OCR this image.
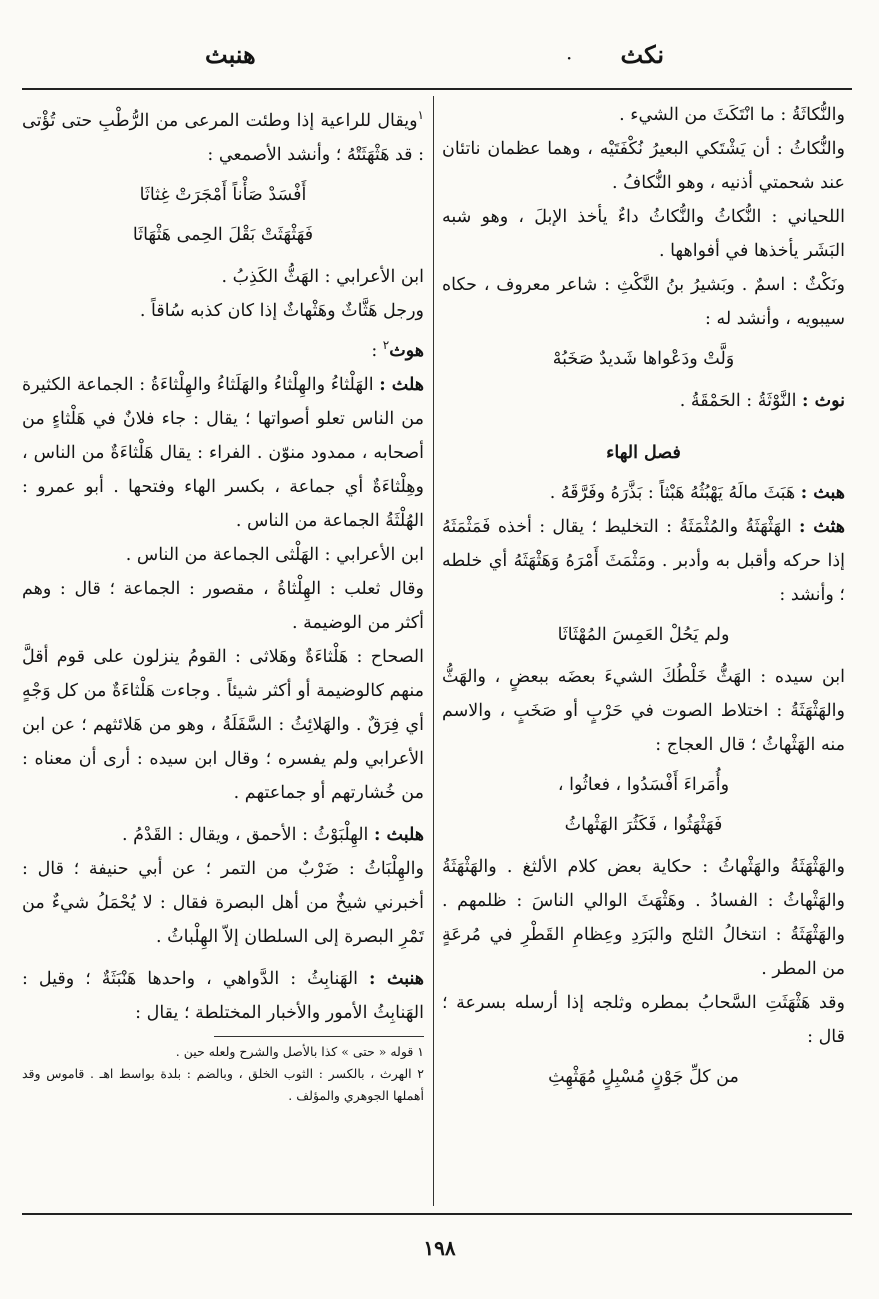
نكث
·
هنبث

والنُّكاثَةُ : ما انْتَكَثَ من الشيء .

والنُّكاثُ : أن يَشْتَكي البعيرُ نُكْفَتَيْه ، وهما عظمان ناتئان عند شحمتي أذنيه ، وهو النُّكافُ .

اللحياني : النُّكاثُ والنُّكاثُ داءٌ يأخذ الإبلَ ، وهو شبه البَشَر يأخذها في أفواهها .

ونَكْثٌ : اسمٌ . وبَشيرُ بنُ النَّكْثِ : شاعر معروف ، حكاه سيبويه ، وأنشد له :

وَلَّتْ ودَعْواها شَديدٌ صَخَبُهْ

نوث : النَّوْثَةُ : الحَمْقَةُ .

فصل الهاء

هبث : هَبَثَ مالَهُ يَهْبُثُهُ هَبْثاً : بَذَّرَهُ وفَرَّقَهُ .

هثث : الهَثْهَثَةُ والمُثْمَثَةُ : التخليط ؛ يقال : أخذه فَمَثْمَثَهُ إذا حركه وأقبل به وأدبر . ومَثْمَثَ أَمْرَهُ وَهَثْهَثَهُ أي خلطه ؛ وأنشد :

ولم يَحُلْ العَمِسَ المُهْثَاثَا

ابن سيده : الهَثُّ خَلْطُكَ الشيءَ بعضَه ببعضٍ ، والهَثُّ والهَثْهَثَةُ : اختلاط الصوت في حَرْبٍ أو صَخَبٍ ، والاسم منه الهَثْهاثُ ؛ قال العجاج :

وأُمَراءَ أَفْسَدُوا ، فعاثُوا ،

فَهَثْهَثُوا ، فَكَثُرَ الهَثْهاثُ

والهَثْهَثَةُ والهَثْهاثُ : حكاية بعض كلام الألثغ . والهَثْهَثَةُ والهَثْهاثُ : الفسادُ . وهَثْهَثَ الوالي الناسَ : ظلمهم . والهَثْهَثَةُ : انتخالُ الثلج والبَرَدِ وعِظامِ القَطْرِ في مُرعَةٍ من المطر .

وقد هَثْهَثَتِ السَّحابُ بمطره وثلجه إذا أرسله بسرعة ؛ قال :

من كلِّ جَوْنٍ مُسْبِلٍ مُهَثْهِثِ

$^١$ويقال للراعية إذا وطئت المرعى من الرُّطْبِ حتى تُؤْتى : قد هَثْهَثَتْهُ ؛ وأنشد الأصمعي :

أَفْسَدْ صَأْناً أَمْجَرَتْ غِثاثَا

فَهَثْهَثَتْ بَقْلَ الحِمى هَثْهَاثَا

ابن الأعرابي : الهَثُّ الكَذِبُ .

ورجل هَثَّاثٌ وهَثْهاثٌ إذا كان كذبه سُاقاً .

هوث$^٢$ :

هلث : الهَلْثاءُ والهِلْثاءُ والهَلَثاءُ والهِلْثاءَةُ : الجماعة الكثيرة من الناس تعلو أصواتها ؛ يقال : جاء فلانٌ في هَلْثاءٍ من أصحابه ، ممدود منوّن . الفراء : يقال هَلْثاءَةٌ من الناس ، وهِلْثاءَةٌ أي جماعة ، بكسر الهاء وفتحها . أبو عمرو : الهُلْثَةُ الجماعة من الناس .

ابن الأعرابي : الهَلْثى الجماعة من الناس .

وقال ثعلب : الهِلْثاةُ ، مقصور : الجماعة ؛ قال : وهم أكثر من الوضيمة .

الصحاح : هَلْثاءَةٌ وهَلاثى : القومُ ينزلون على قوم أقلَّ منهم كالوضيمة أو أكثر شيئاً . وجاءت هَلْثاءَةٌ من كل وَجْهٍ أي فِرَقٌ . والهَلائِثُ : السَّفَلَةُ ، وهو من هَلائثهم ؛ عن ابن الأعرابي ولم يفسره ؛ وقال ابن سيده : أرى أن معناه : من خُشارتهم أو جماعتهم .

هلبث : الهِلْبَوْثُ : الأحمق ، ويقال : القَدْمُ .

والهِلْبَاثُ : ضَرْبٌ من التمر ؛ عن أبي حنيفة ؛ قال : أخبرني شيخٌ من أهل البصرة فقال : لا يُحْمَلُ شيءٌ من تَمْرِ البصرة إلى السلطان إلاّ الهِلْباثُ .

هنبث : الهَنابِثُ : الدَّواهي ، واحدها هَنْبَثَةٌ ؛ وقيل : الهَنابِثُ الأمور والأخبار المختلطة ؛ يقال :

١ قوله « حتى » كذا بالأصل والشرح ولعله حين .
٢ الهرث ، بالكسر : الثوب الخلق ، وبالضم : بلدة بواسط اهـ . قاموس وقد أهملها الجوهري والمؤلف .
١٩٨
